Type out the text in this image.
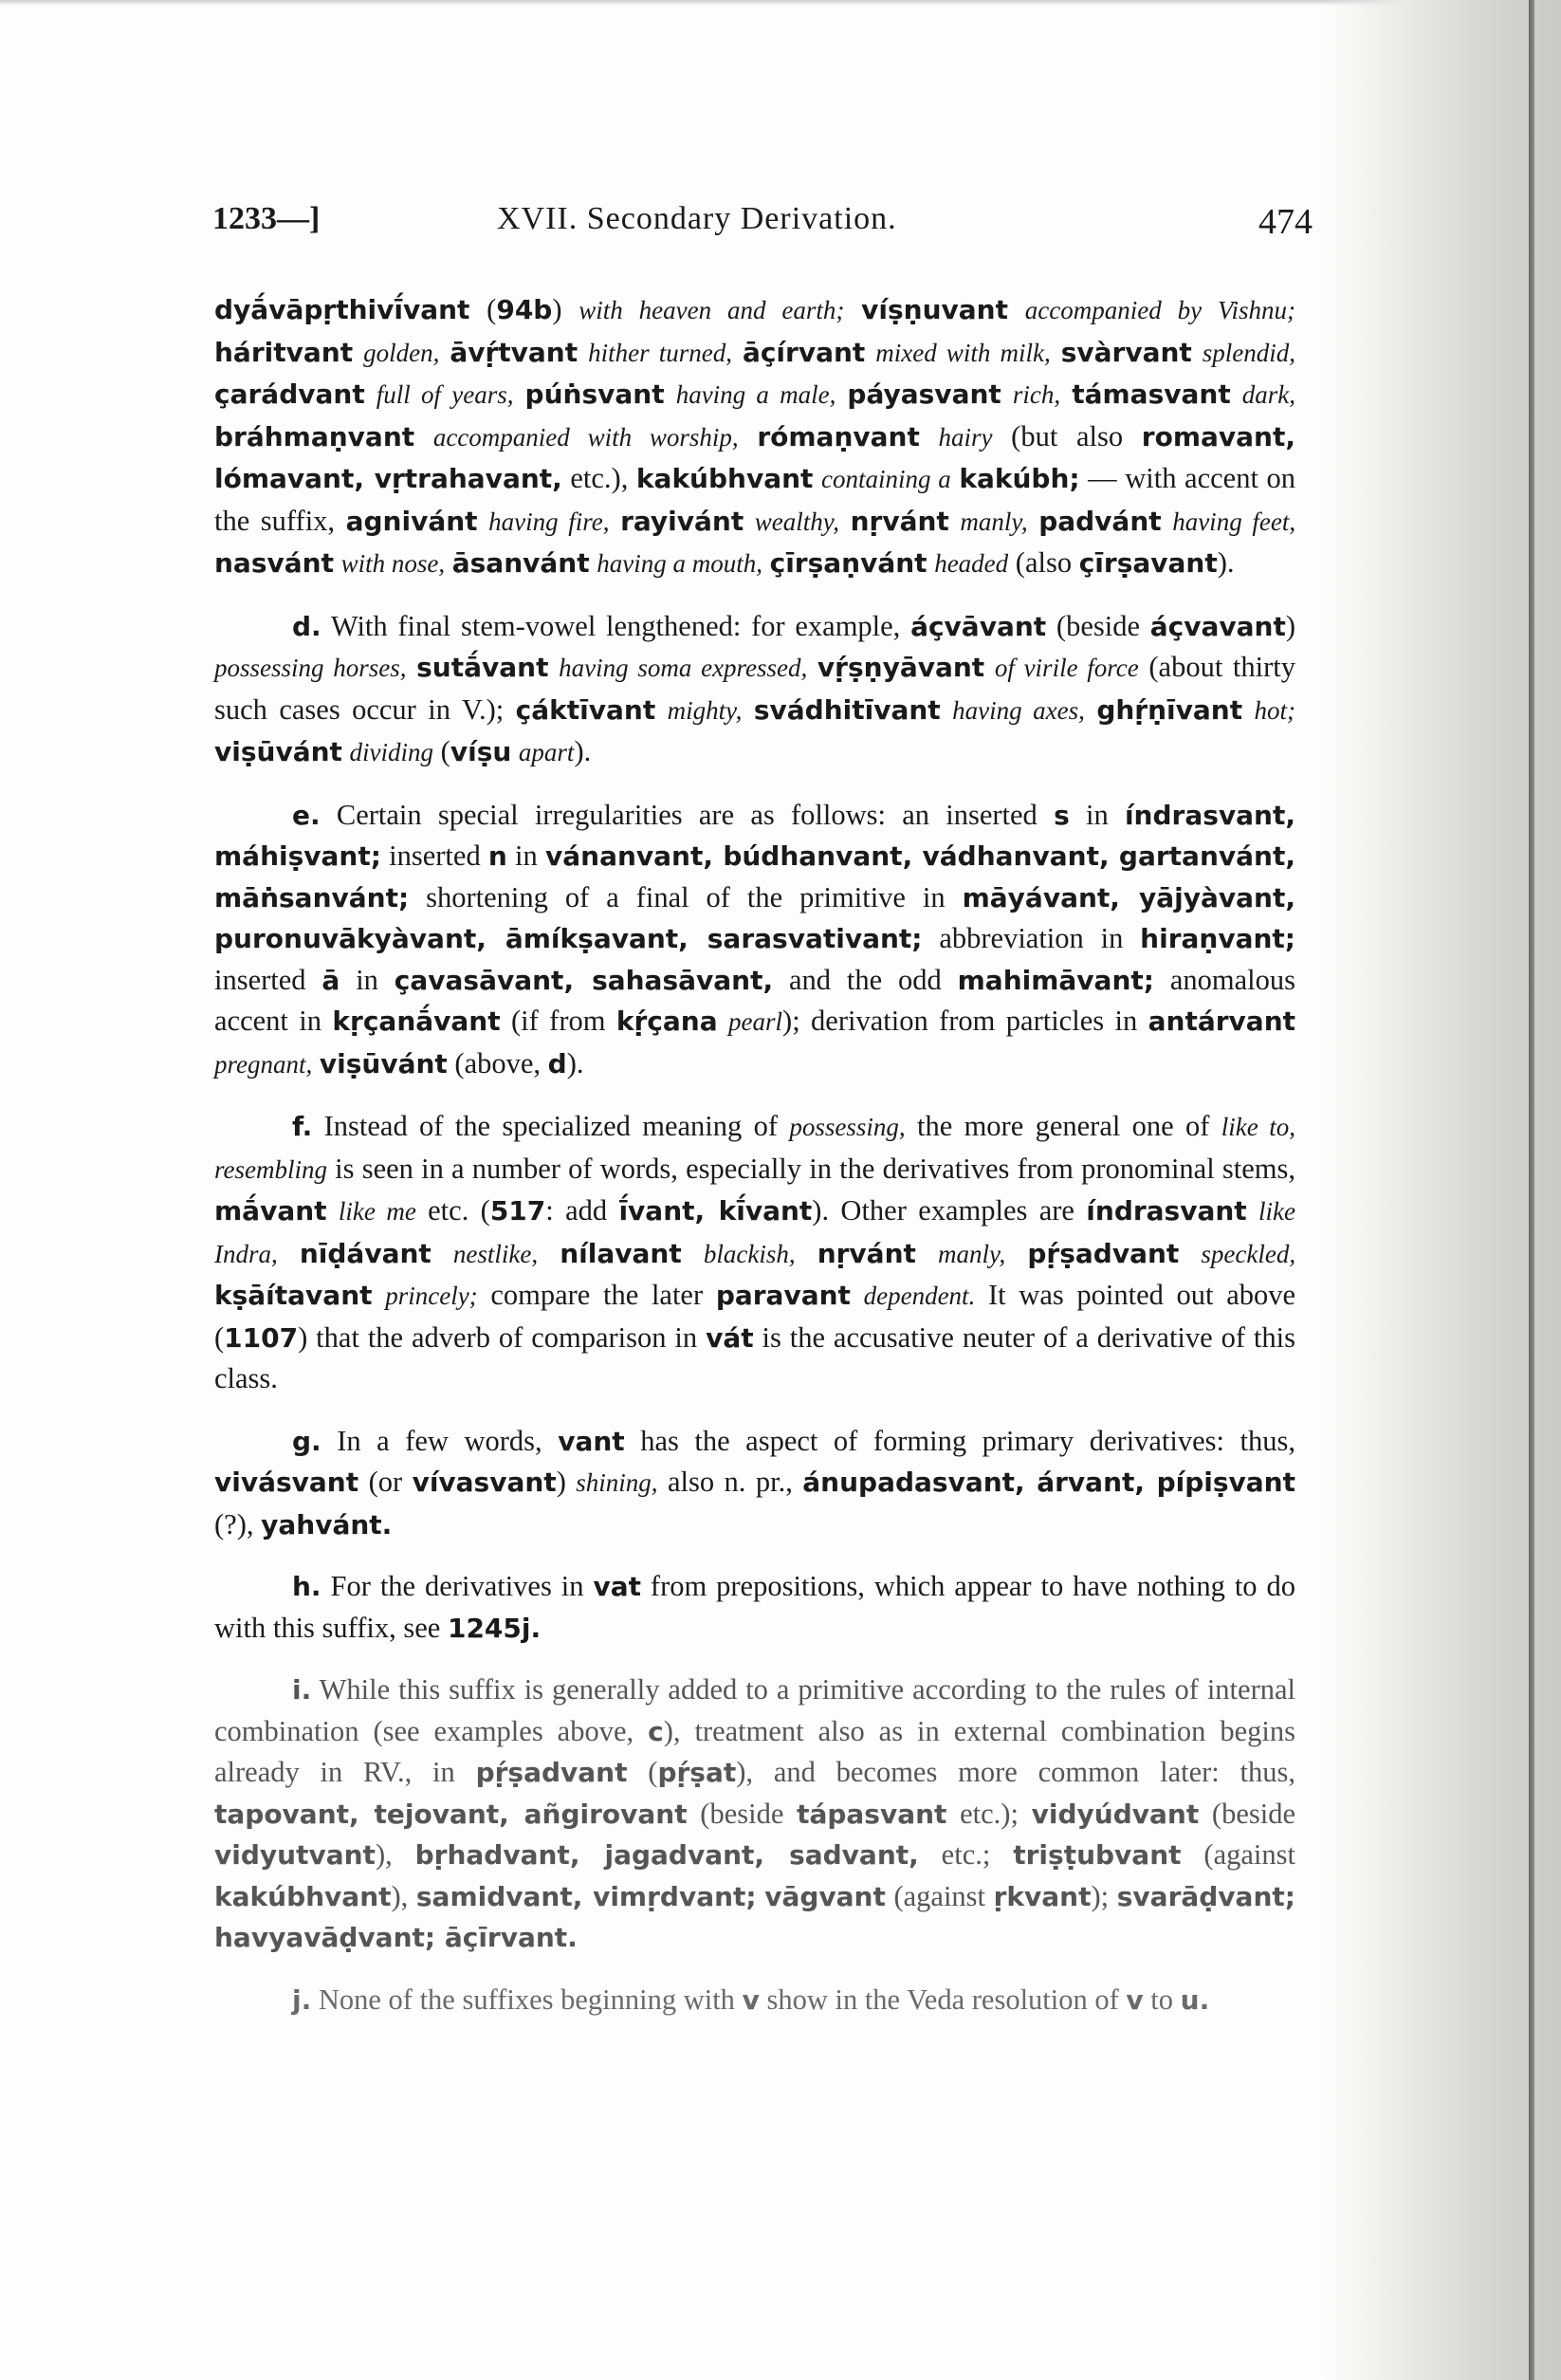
1233—]	XVII. Secondary Derivation.	474

dyā́vāpṛthivī́vant (94b) with heaven and earth; víṣṇuvant accompanied by Vishnu; háritvant golden, āvṛ́tvant hither turned, āçírvant mixed with milk, svàrvant splendid, çarádvant full of years, púṅsvant having a male, páyasvant rich, támasvant dark, bráhmaṇvant accompanied with worship, rómaṇvant hairy (but also romavant, lómavant, vṛtrahavant, etc.), kakúbhvant containing a kakúbh; — with accent on the suffix, agnivánt having fire, rayivánt wealthy, nṛvánt manly, padvánt having feet, nasvánt with nose, āsanvánt having a mouth, çīrṣaṇvánt headed (also çīrṣavant).

d. With final stem-vowel lengthened: for example, áçvāvant (beside áçvavant) possessing horses, sutā́vant having soma expressed, vṛ́ṣṇyāvant of virile force (about thirty such cases occur in V.); çáktīvant mighty, svádhitīvant having axes, ghṛ́ṇīvant hot; viṣūvánt dividing (víṣu apart).

e. Certain special irregularities are as follows: an inserted s in índrasvant, máhiṣvant; inserted n in vánanvant, búdhanvant, vádhanvant, gartanvánt, māṅsanvánt; shortening of a final of the primitive in māyávant, yājyàvant, puronuvākyàvant, āmíkṣavant, sarasvativant; abbreviation in hiraṇvant; inserted ā in çavasāvant, sahasāvant, and the odd mahimāvant; anomalous accent in kṛçanā́vant (if from kṛ́çana pearl); derivation from particles in antárvant pregnant, viṣūvánt (above, d).

f. Instead of the specialized meaning of possessing, the more general one of like to, resembling is seen in a number of words, especially in the derivatives from pronominal stems, mā́vant like me etc. (517: add ī́vant, kī́vant). Other examples are índrasvant like Indra, nīḍávant nestlike, nílavant blackish, nṛvánt manly, pṛ́ṣadvant speckled, kṣāítavant princely; compare the later paravant dependent. It was pointed out above (1107) that the adverb of comparison in vát is the accusative neuter of a derivative of this class.

g. In a few words, vant has the aspect of forming primary derivatives: thus, vivásvant (or vívasvant) shining, also n. pr., ánupadasvant, árvant, pípiṣvant (?), yahvánt.

h. For the derivatives in vat from prepositions, which appear to have nothing to do with this suffix, see 1245j.

i. While this suffix is generally added to a primitive according to the rules of internal combination (see examples above, c), treatment also as in external combination begins already in RV., in pṛ́ṣadvant (pṛ́ṣat), and becomes more common later: thus, tapovant, tejovant, añgirovant (beside tápasvant etc.); vidyúdvant (beside vidyutvant), bṛhadvant, jagadvant, sadvant, etc.; triṣṭubvant (against kakúbhvant), samidvant, vimṛdvant; vāgvant (against ṛkvant); svarāḍvant; havyavāḍvant; āçīrvant.

j. None of the suffixes beginning with v show in the Veda resolution of v to u.
